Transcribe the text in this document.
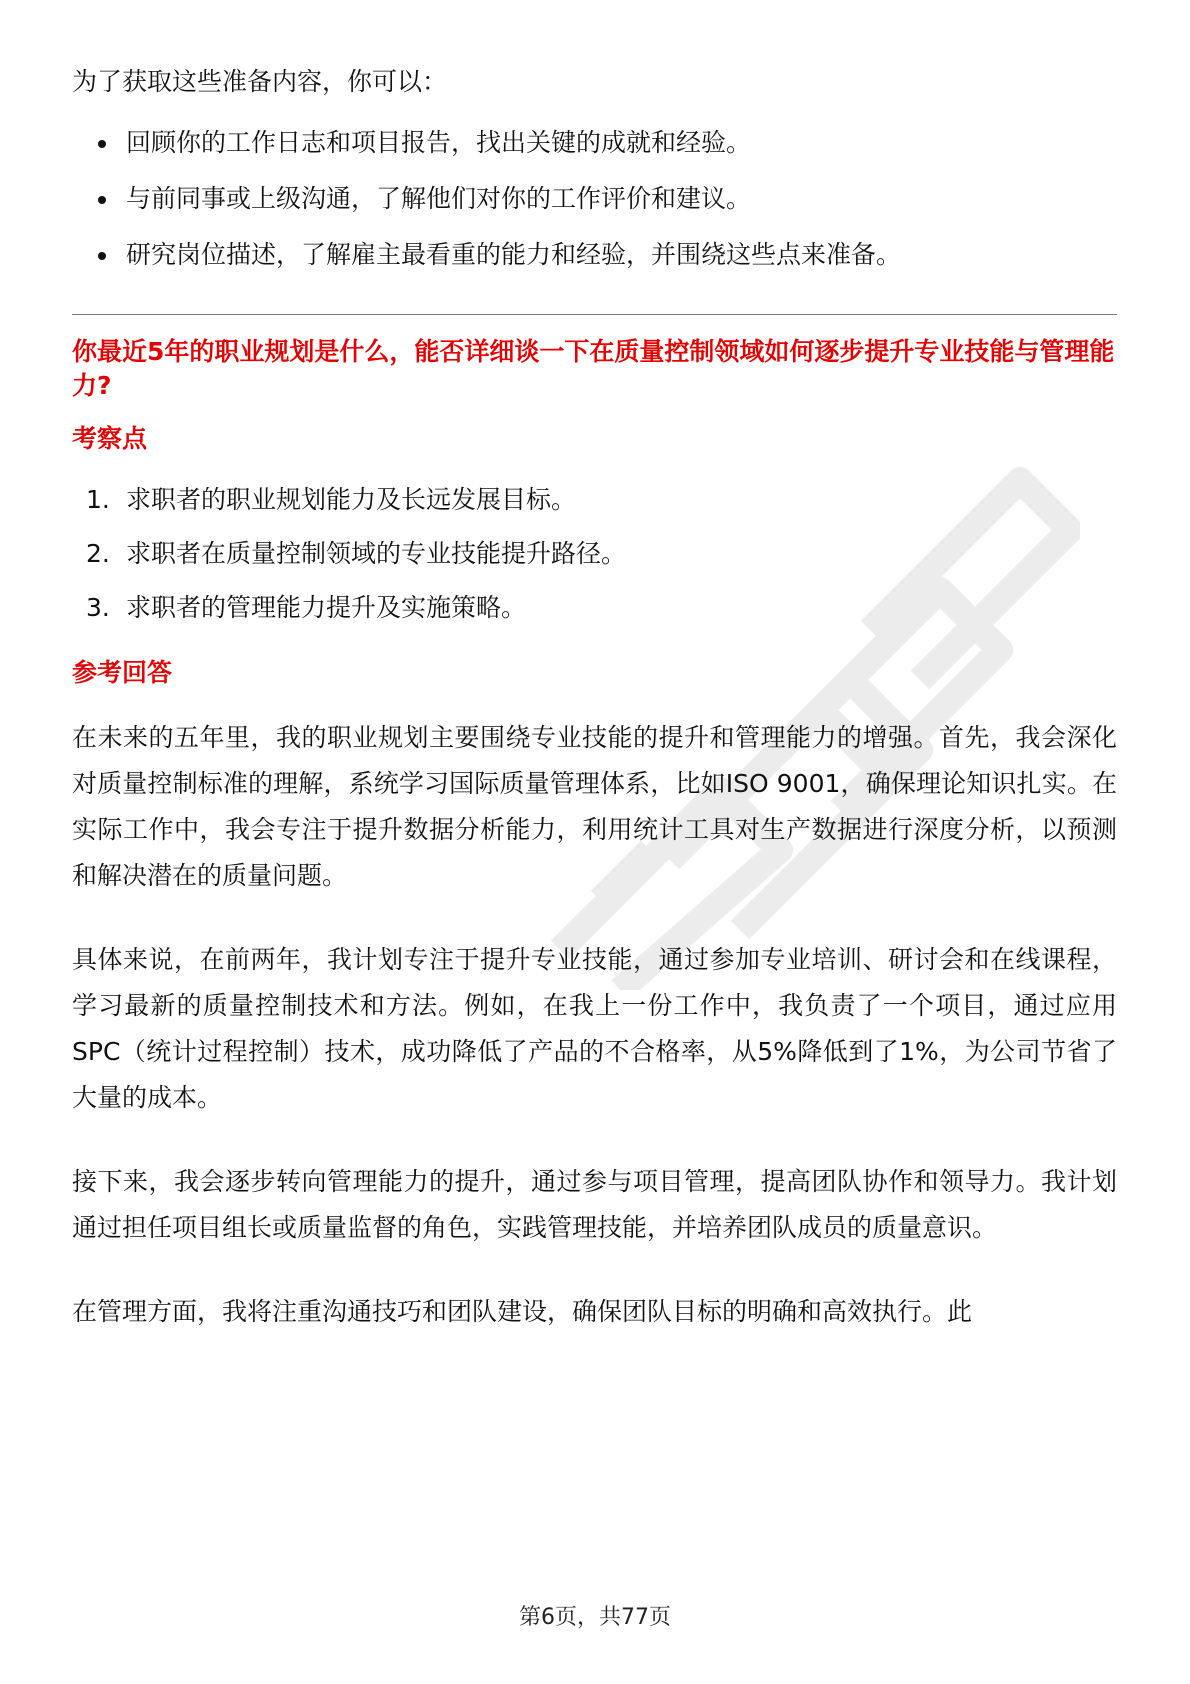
为了获取这些准备内容，你可以：

回顾你的工作日志和项目报告，找出关键的成就和经验。
与前同事或上级沟通，了解他们对你的工作评价和建议。
研究岗位描述，了解雇主最看重的能力和经验，并围绕这些点来准备。

你最近5年的职业规划是什么，能否详细谈一下在质量控制领域如何逐步提升专业技能与管理能力?

考察点

1. 求职者的职业规划能力及长远发展目标。
2. 求职者在质量控制领域的专业技能提升路径。
3. 求职者的管理能力提升及实施策略。

参考回答

在未来的五年里，我的职业规划主要围绕专业技能的提升和管理能力的增强。首先，我会深化对质量控制标准的理解，系统学习国际质量管理体系，比如ISO 9001，确保理论知识扎实。在实际工作中，我会专注于提升数据分析能力，利用统计工具对生产数据进行深度分析，以预测和解决潜在的质量问题。

具体来说，在前两年，我计划专注于提升专业技能，通过参加专业培训、研讨会和在线课程，学习最新的质量控制技术和方法。例如，在我上一份工作中，我负责了一个项目，通过应用SPC（统计过程控制）技术，成功降低了产品的不合格率，从5%降低到了1%，为公司节省了大量的成本。

接下来，我会逐步转向管理能力的提升，通过参与项目管理，提高团队协作和领导力。我计划通过担任项目组长或质量监督的角色，实践管理技能，并培养团队成员的质量意识。

在管理方面，我将注重沟通技巧和团队建设，确保团队目标的明确和高效执行。此

第6页，共77页
